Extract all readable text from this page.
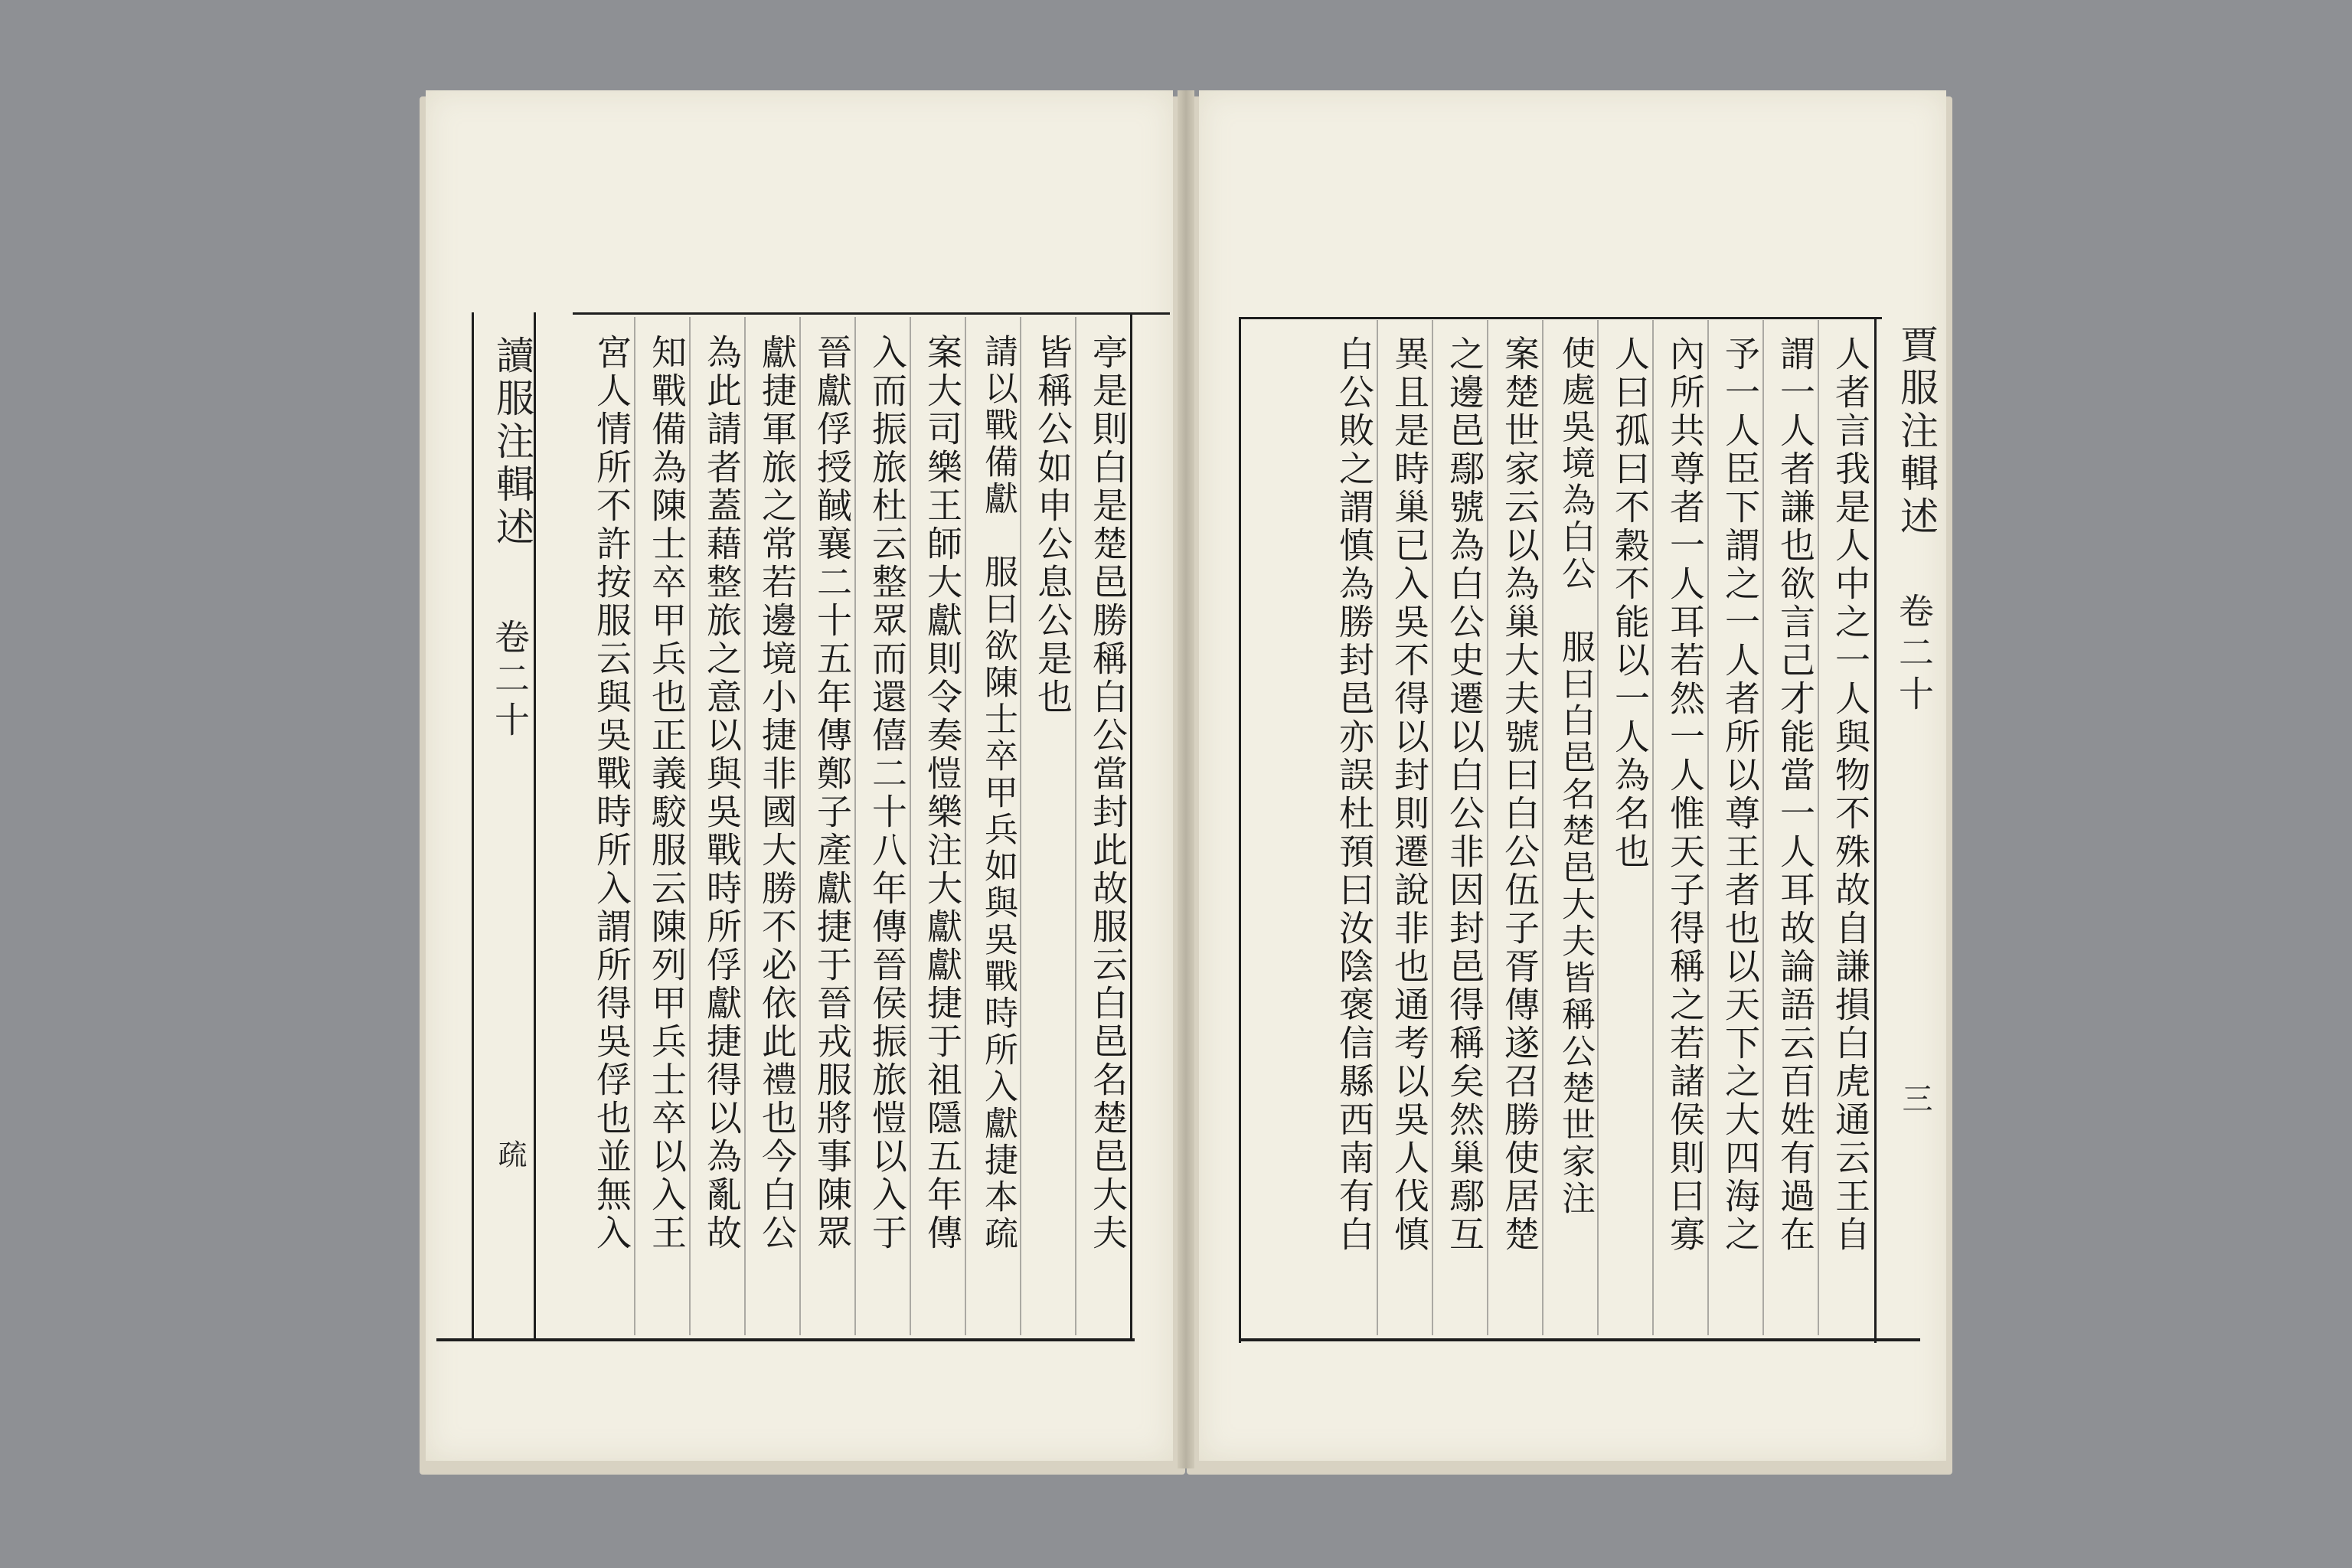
亭是則白是楚邑勝稱白公當封此故服云白邑名楚邑大夫
皆稱公如申公息公是也
請以戰備獻　服曰欲陳士卒甲兵如與吳戰時所入獻捷本疏
案大司樂王師大獻則令奏愷樂注大獻獻捷于祖隱五年傳
入而振旅杜云整眾而還僖二十八年傳晉侯振旅愷以入于
晉獻俘授馘襄二十五年傳鄭子產獻捷于晉戎服將事陳眾
獻捷軍旅之常若邊境小捷非國大勝不必依此禮也今白公
為此請者蓋藉整旅之意以與吳戰時所俘獻捷得以為亂故
知戰備為陳士卒甲兵也正義駮服云陳列甲兵士卒以入王
宮人情所不許按服云與吳戰時所入謂所得吳俘也並無入
讀服注輯述
卷二十
疏	人者言我是人中之一人與物不殊故自謙損白虎通云王自
謂一人者謙也欲言己才能當一人耳故論語云百姓有過在
予一人臣下謂之一人者所以尊王者也以天下之大四海之
內所共尊者一人耳若然一人惟天子得稱之若諸侯則曰寡
人曰孤曰不穀不能以一人為名也
使處吳境為白公　服曰白邑名楚邑大夫皆稱公楚世家注
案楚世家云以為巢大夫號曰白公伍子胥傳遂召勝使居楚
之邊邑鄢號為白公史遷以白公非因封邑得稱矣然巢鄢互
異且是時巢已入吳不得以封則遷說非也通考以吳人伐慎
白公敗之謂慎為勝封邑亦誤杜預曰汝陰褒信縣西南有白	賈服注輯述
卷二十
三
